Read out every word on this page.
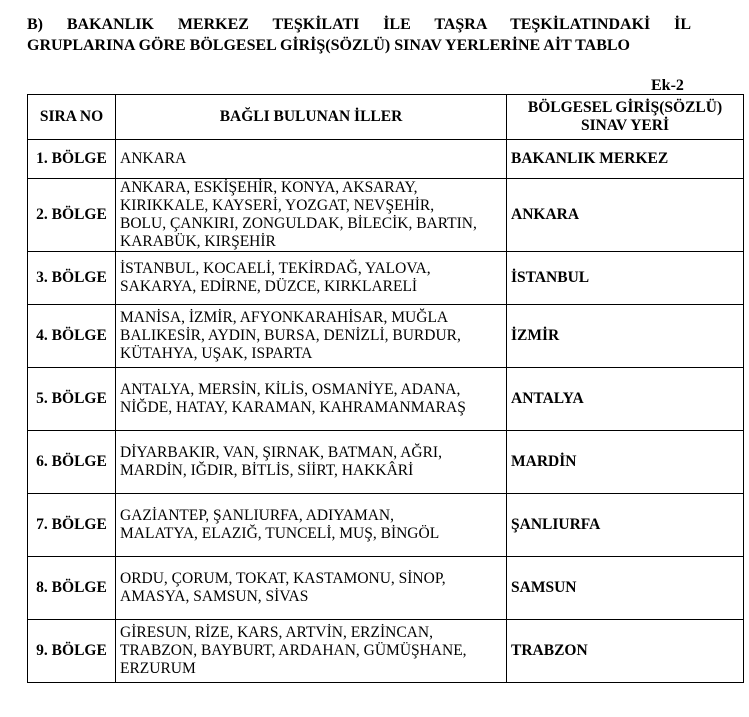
B) BAKANLIK MERKEZ TEŞKİLATI İLE TAŞRA TEŞKİLATINDAKİ İL
GRUPLARINA GÖRE BÖLGESEL GİRİŞ(SÖZLÜ) SINAV YERLERİNE AİT TABLO
Ek-2
SIRA NO	BAĞLI BULUNAN İLLER	BÖLGESEL GİRİŞ(SÖZLÜ) SINAV YERİ
1. BÖLGE	ANKARA	BAKANLIK MERKEZ
2. BÖLGE	ANKARA, ESKİŞEHİR, KONYA, AKSARAY,
KIRIKKALE, KAYSERİ, YOZGAT, NEVŞEHİR,
BOLU, ÇANKIRI, ZONGULDAK, BİLECİK, BARTIN,
KARABÜK, KIRŞEHİR	ANKARA
3. BÖLGE	İSTANBUL, KOCAELİ, TEKİRDAĞ, YALOVA,
SAKARYA, EDİRNE, DÜZCE, KIRKLARELİ	İSTANBUL
4. BÖLGE	MANİSA, İZMİR, AFYONKARAHİSAR, MUĞLA
BALIKESİR, AYDIN, BURSA, DENİZLİ, BURDUR,
KÜTAHYA, UŞAK, ISPARTA	İZMİR
5. BÖLGE	ANTALYA, MERSİN, KİLİS, OSMANİYE, ADANA,
NİĞDE, HATAY, KARAMAN, KAHRAMANMARAŞ	ANTALYA
6. BÖLGE	DİYARBAKIR, VAN, ŞIRNAK, BATMAN, AĞRI,
MARDİN, IĞDIR, BİTLİS, SİİRT, HAKKÂRİ	MARDİN
7. BÖLGE	GAZİANTEP, ŞANLIURFA, ADIYAMAN,
MALATYA, ELAZIĞ, TUNCELİ, MUŞ, BİNGÖL	ŞANLIURFA
8. BÖLGE	ORDU, ÇORUM, TOKAT, KASTAMONU, SİNOP,
AMASYA, SAMSUN, SİVAS	SAMSUN
9. BÖLGE	GİRESUN, RİZE, KARS, ARTVİN, ERZİNCAN,
TRABZON, BAYBURT, ARDAHAN, GÜMÜŞHANE,
ERZURUM	TRABZON
